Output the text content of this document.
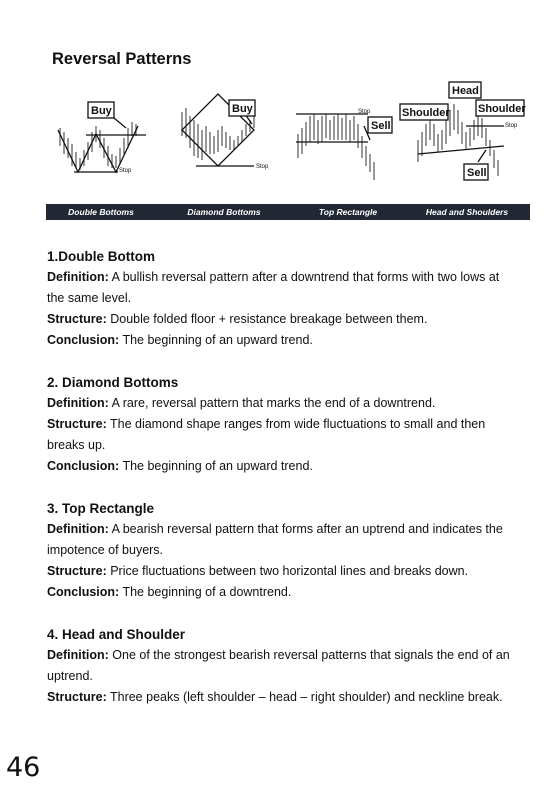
Reversal Patterns
Buy	Buy
Sell
Shoulder
Head
Shoulder
Sell
Stop
Stop
Stop
Stop
Double Bottoms	Diamond Bottoms	Top Rectangle	Head and Shoulders
1.Double Bottom

Definition: A bullish reversal pattern after a downtrend that forms with two lows at the same level.

Structure: Double folded floor + resistance breakage between them.

Conclusion: The beginning of an upward trend.

2. Diamond Bottoms

Definition: A rare, reversal pattern that marks the end of a downtrend.

Structure: The diamond shape ranges from wide fluctuations to small and then breaks up.

Conclusion: The beginning of an upward trend.

3. Top Rectangle

Definition: A bearish reversal pattern that forms after an uptrend and indicates the impotence of buyers.

Structure: Price fluctuations between two horizontal lines and breaks down.

Conclusion: The beginning of a downtrend.

4. Head and Shoulder

Definition: One of the strongest bearish reversal patterns that signals the end of an uptrend.

Structure: Three peaks (left shoulder – head – right shoulder) and neckline break.

46
